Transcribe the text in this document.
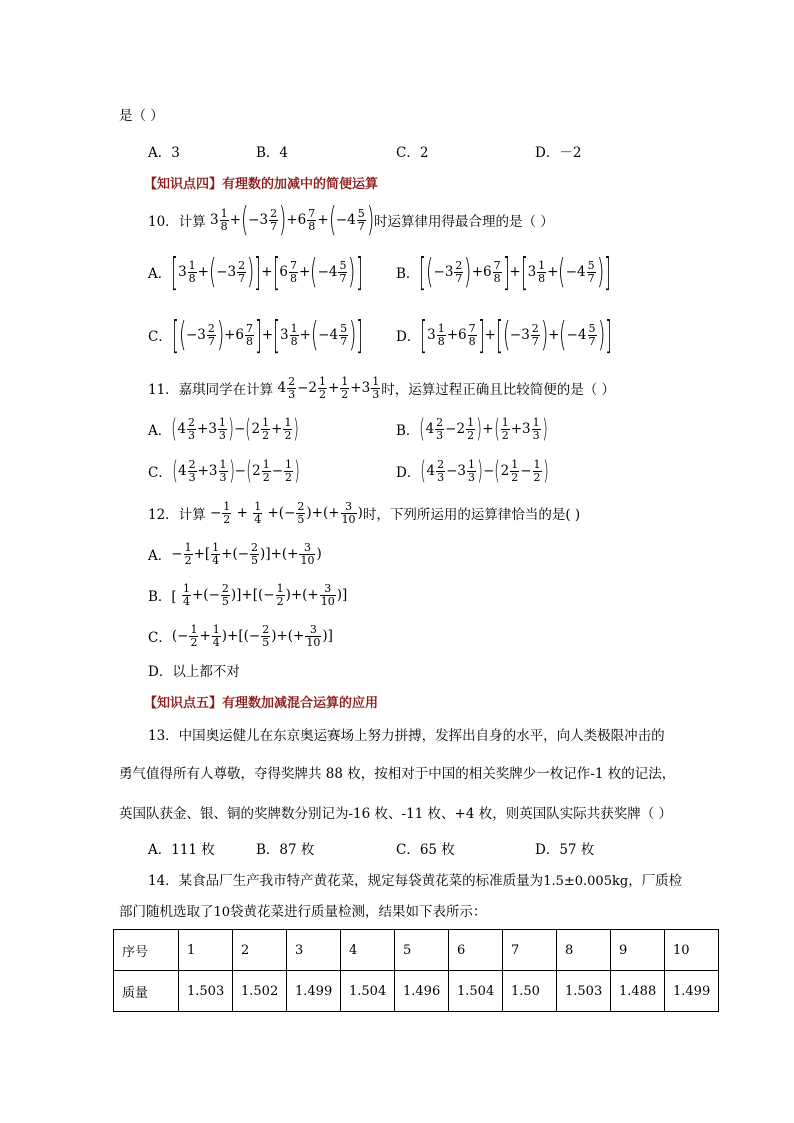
是（ ）
A．3	B．4	C．2	D．－2
【知识点四】有理数的加减中的简便运算
10．计算 $3 \frac{1}{8}$ + ( $-3 \frac{2}{7}$ ) $+6 \frac{7}{8}$ + ( $-4 \frac{5}{7}$ ) 时运算律用得最合理的是（ ）
A． [ $3 \frac{1}{8}$ + ( $-3 \frac{2}{7}$ ) ] + [ $6 \frac{7}{8}$ + ( $-4 \frac{5}{7}$ ) ] B． [ ( $-3 \frac{2}{7}$ ) $+6 \frac{7}{8}$ ] + [ $3 \frac{1}{8}$ + ( $-4 \frac{5}{7}$ ) ]
C． [ ( $-3 \frac{2}{7}$ ) $+6 \frac{7}{8}$ ] + [ $3 \frac{1}{8}$ + ( $-4 \frac{5}{7}$ ) ] D． [ $3 \frac{1}{8} +6 \frac{7}{8}$ ] + [ ( $-3 \frac{2}{7}$ ) + ( $-4 \frac{5}{7}$ ) ]
11．嘉琪同学在计算 $4 \frac{2}{3} - 2 \frac{1}{2} + \frac{1}{2} + 3 \frac{1}{3}$ 时 ，运算过程正确且比较简便的是（ ）
A． ( $4 \frac{2}{3} + 3 \frac{1}{3}$ ) − ( $2 \frac{1}{2} + \frac{1}{2}$ )	B． ( $4 \frac{2}{3} - 2 \frac{1}{2}$ ) + ( $\frac{1}{2} + 3 \frac{1}{3}$ )
C． ( $4 \frac{2}{3} + 3 \frac{1}{3}$ ) − ( $2 \frac{1}{2} - \frac{1}{2}$ )	D． ( $4 \frac{2}{3} - 3 \frac{1}{3}$ ) − ( $2 \frac{1}{2} - \frac{1}{2}$ )
12．计算 − $\frac{1}{2} + \frac{1}{4}$ +(− $\frac{2}{5}$ )+(+ $\frac{3}{10}$ ) 时，下列所运用的运算律恰当的是( )
A． − $\frac{1}{2}$ +[ $\frac{1}{4}$ +(− $\frac{2}{5}$ )]+(+ $\frac{3}{10}$ )
B．[
$\frac{1}{4}$ +(− $\frac{2}{5}$ )]+[(− $\frac{1}{2}$ )+(+ $\frac{3}{10}$ )]
C． (− $\frac{1}{2} + \frac{1}{4}$ )+[(− $\frac{2}{5}$ )+(+ $\frac{3}{10}$ )]
D．以上都不对
【知识点五】有理数加减混合运算的应用
13．中国奥运健儿在东京奥运赛场上努力拼搏，发挥出自身的水平，向人类极限冲击的
勇气值得所有人尊敬，夺得奖牌共 88 枚，按相对于中国的相关奖牌少一枚记作-1 枚的记法，
英国队获金、银、铜的奖牌数分别记为-16 枚、-11 枚、+4 枚，则英国队实际共获奖牌（ ）
A．111 枚	B．87 枚	C．65 枚	D．57 枚
14．某食品厂生产我市特产黄花菜，规定每袋黄花菜的标准质量为1.5±0.005kg，厂质检
部门随机选取了10袋黄花菜进行质量检测，结果如下表所示：
序号	1	2	3	4	5	6	7	8	9	10
质量	1.503	1.502	1.499	1.504	1.496	1.504	1.50	1.503	1.488	1.499
